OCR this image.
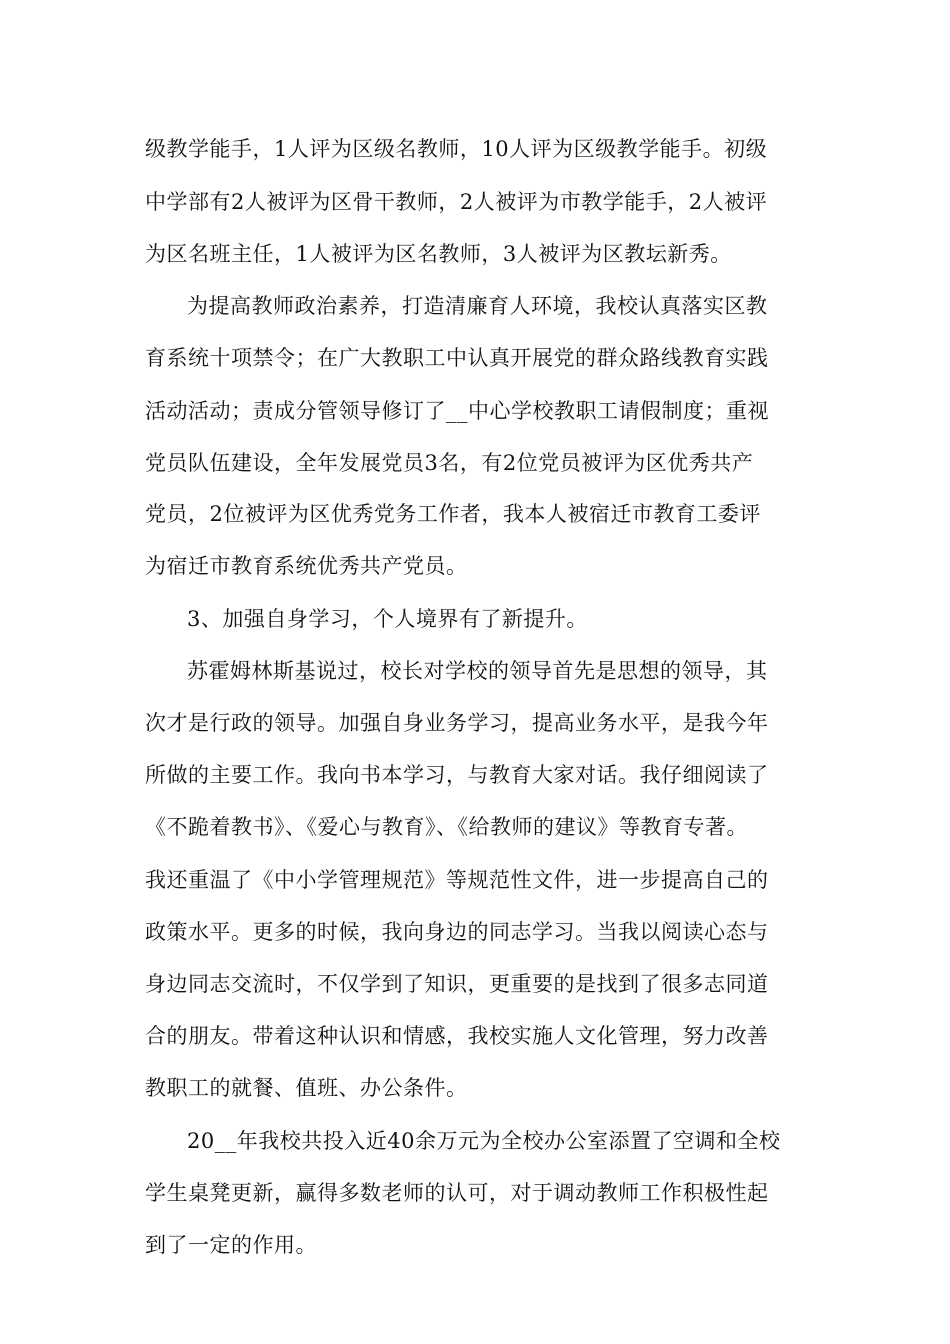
级教学能手，1人评为区级名教师，10人评为区级教学能手。初级
中学部有2人被评为区骨干教师，2人被评为市教学能手，2人被评
为区名班主任，1人被评为区名教师，3人被评为区教坛新秀。
为提高教师政治素养，打造清廉育人环境，我校认真落实区教
育系统十项禁令；在广大教职工中认真开展党的群众路线教育实践
活动活动；责成分管领导修订了__中心学校教职工请假制度；重视
党员队伍建设，全年发展党员3名，有2位党员被评为区优秀共产
党员，2位被评为区优秀党务工作者，我本人被宿迁市教育工委评
为宿迁市教育系统优秀共产党员。
3、加强自身学习，个人境界有了新提升。
苏霍姆林斯基说过，校长对学校的领导首先是思想的领导，其
次才是行政的领导。加强自身业务学习，提高业务水平，是我今年
所做的主要工作。我向书本学习，与教育大家对话。我仔细阅读了
《不跪着教书》、《爱心与教育》、《给教师的建议》等教育专著。
我还重温了《中小学管理规范》等规范性文件，进一步提高自己的
政策水平。更多的时候，我向身边的同志学习。当我以阅读心态与
身边同志交流时，不仅学到了知识，更重要的是找到了很多志同道
合的朋友。带着这种认识和情感，我校实施人文化管理，努力改善
教职工的就餐、值班、办公条件。
20__年我校共投入近40余万元为全校办公室添置了空调和全校
学生桌凳更新，赢得多数老师的认可，对于调动教师工作积极性起
到了一定的作用。
